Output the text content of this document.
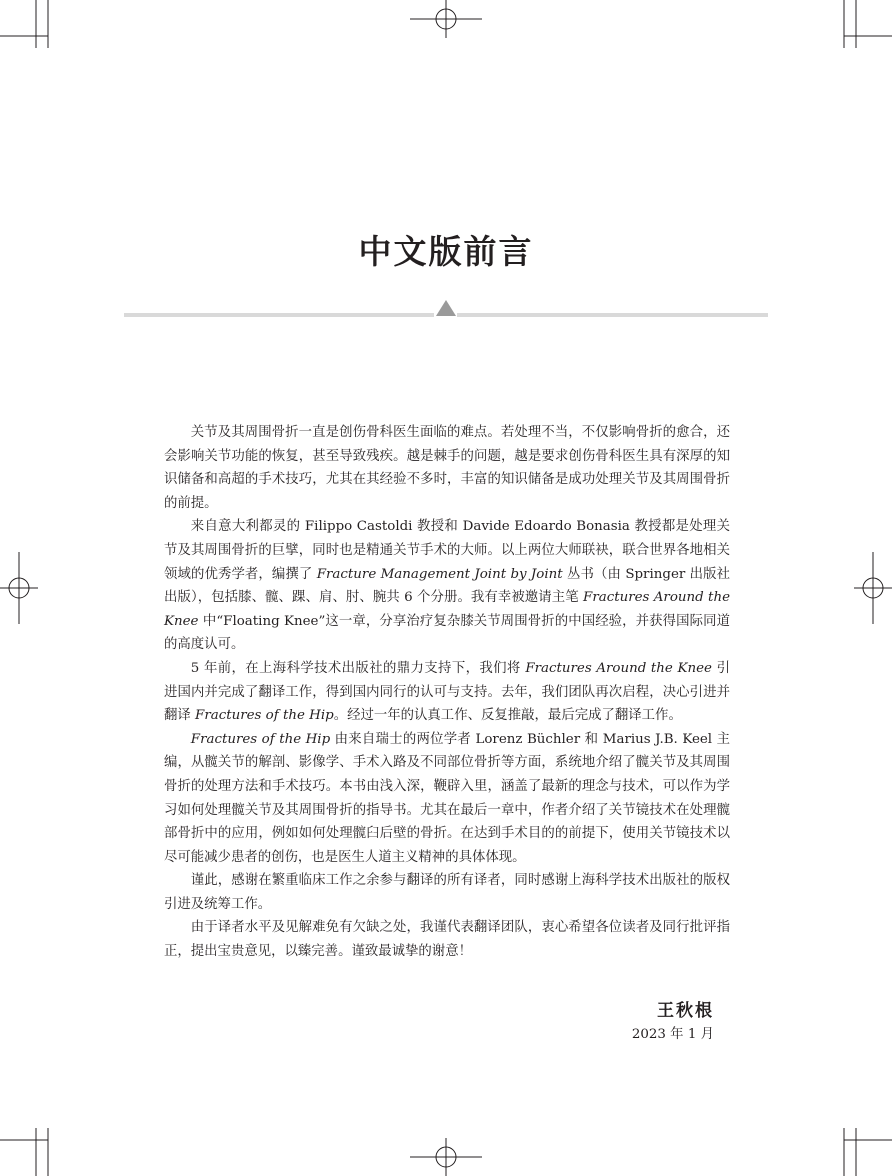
中文版前言

关节及其周围骨折一直是创伤骨科医生面临的难点。若处理不当，不仅影响骨折的愈合，还会影响关节功能的恢复，甚至导致残疾。越是棘手的问题，越是要求创伤骨科医生具有深厚的知识储备和高超的手术技巧，尤其在其经验不多时，丰富的知识储备是成功处理关节及其周围骨折的前提。

来自意大利都灵的 Filippo Castoldi 教授和 Davide Edoardo Bonasia 教授都是处理关节及其周围骨折的巨擘，同时也是精通关节手术的大师。以上两位大师联袂，联合世界各地相关领域的优秀学者，编撰了 Fracture Management Joint by Joint 丛书（由 Springer 出版社出版），包括膝、髋、踝、肩、肘、腕共 6 个分册。我有幸被邀请主笔 Fractures Around the Knee 中“Floating Knee”这一章，分享治疗复杂膝关节周围骨折的中国经验，并获得国际同道的高度认可。

5 年前，在上海科学技术出版社的鼎力支持下，我们将 Fractures Around the Knee 引进国内并完成了翻译工作，得到国内同行的认可与支持。去年，我们团队再次启程，决心引进并翻译 Fractures of the Hip。经过一年的认真工作、反复推敲，最后完成了翻译工作。

Fractures of the Hip 由来自瑞士的两位学者 Lorenz Büchler 和 Marius J.B. Keel 主编，从髋关节的解剖、影像学、手术入路及不同部位骨折等方面，系统地介绍了髋关节及其周围骨折的处理方法和手术技巧。本书由浅入深，鞭辟入里，涵盖了最新的理念与技术，可以作为学习如何处理髋关节及其周围骨折的指导书。尤其在最后一章中，作者介绍了关节镜技术在处理髋部骨折中的应用，例如如何处理髋臼后壁的骨折。在达到手术目的的前提下，使用关节镜技术以尽可能减少患者的创伤，也是医生人道主义精神的具体体现。

谨此，感谢在繁重临床工作之余参与翻译的所有译者，同时感谢上海科学技术出版社的版权引进及统筹工作。

由于译者水平及见解难免有欠缺之处，我谨代表翻译团队，衷心希望各位读者及同行批评指正，提出宝贵意见，以臻完善。谨致最诚挚的谢意！

王秋根
2023 年 1 月
